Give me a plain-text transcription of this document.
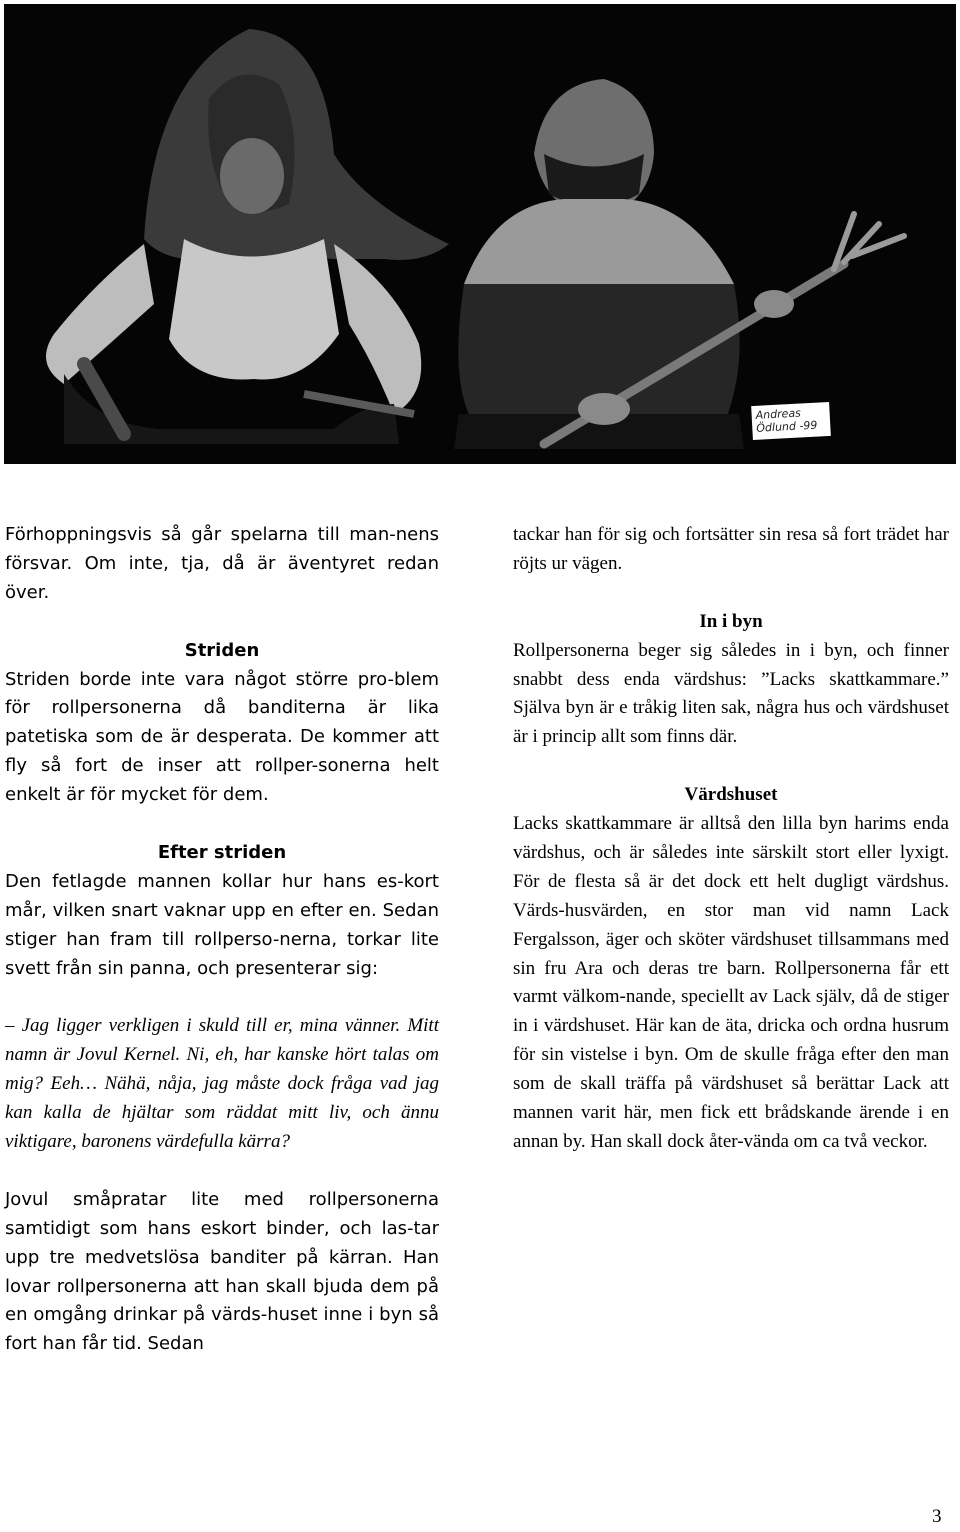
Andreas Ödlund -99

Förhoppningsvis så går spelarna till man-nens försvar. Om inte, tja, då är äventyret redan över.

Striden

Striden borde inte vara något större pro-blem för rollpersonerna då banditerna är lika patetiska som de är desperata. De kommer att fly så fort de inser att rollper-sonerna helt enkelt är för mycket för dem.

Efter striden

Den fetlagde mannen kollar hur hans es-kort mår, vilken snart vaknar upp en efter en. Sedan stiger han fram till rollperso-nerna, torkar lite svett från sin panna, och presenterar sig:

– Jag ligger verkligen i skuld till er, mina vänner. Mitt namn är Jovul Kernel. Ni, eh, har kanske hört talas om mig? Eeh… Nähä, nåja, jag måste dock fråga vad jag kan kalla de hjältar som räddat mitt liv, och ännu viktigare, baronens värdefulla kärra?

Jovul småpratar lite med rollpersonerna samtidigt som hans eskort binder, och las-tar upp tre medvetslösa banditer på kärran. Han lovar rollpersonerna att han skall bjuda dem på en omgång drinkar på värds-huset inne i byn så fort han får tid. Sedan

tackar han för sig och fortsätter sin resa så fort trädet har röjts ur vägen.

In i byn

Rollpersonerna beger sig således in i byn, och finner snabbt dess enda värdshus: ”Lacks skattkammare.” Själva byn är e tråkig liten sak, några hus och värdshuset är i princip allt som finns där.

Värdshuset

Lacks skattkammare är alltså den lilla byn harims enda värdshus, och är således inte särskilt stort eller lyxigt. För de flesta så är det dock ett helt dugligt värdshus. Värds-husvärden, en stor man vid namn Lack Fergalsson, äger och sköter värdshuset tillsammans med sin fru Ara och deras tre barn. Rollpersonerna får ett varmt välkom-nande, speciellt av Lack själv, då de stiger in i värdshuset. Här kan de äta, dricka och ordna husrum för sin vistelse i byn. Om de skulle fråga efter den man som de skall träffa på värdshuset så berättar Lack att mannen varit här, men fick ett brådskande ärende i en annan by. Han skall dock åter-vända om ca två veckor.

3
